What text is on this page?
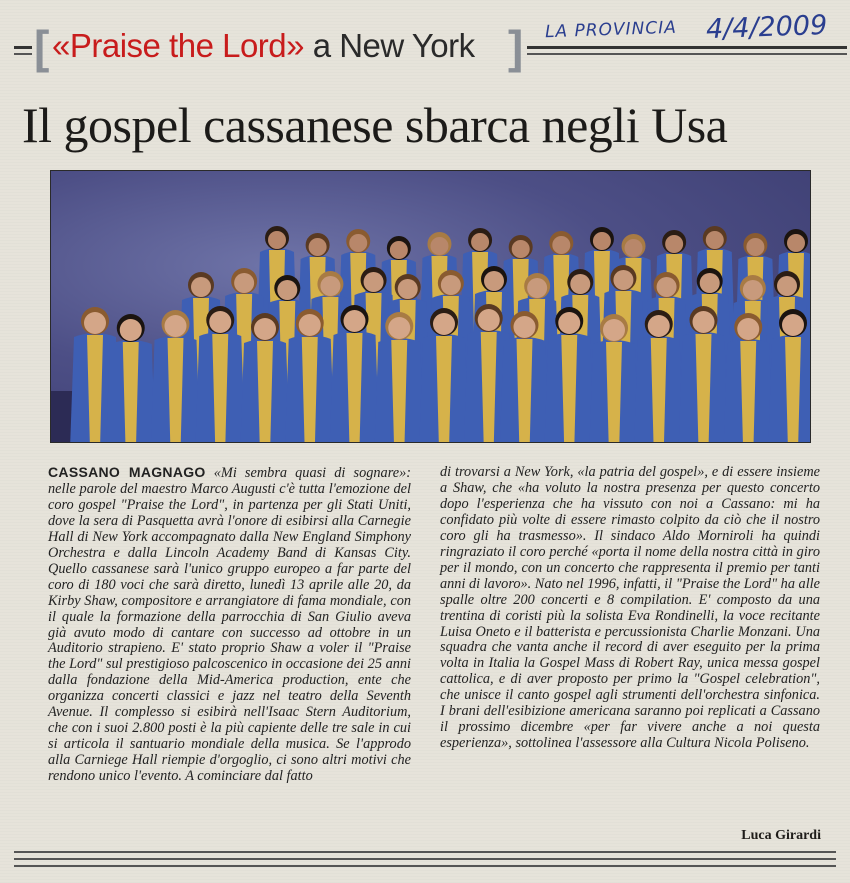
[ «Praise the Lord» a New York ] LA PROVINCIA 4/4/2009
Il gospel cassanese sbarca negli Usa

CASSANO MAGNAGO «Mi sembra quasi di sognare»: nelle parole del maestro Marco Augusti c'è tutta l'emozione del coro gospel "Praise the Lord", in partenza per gli Stati Uniti, dove la sera di Pasquetta avrà l'onore di esibirsi alla Carnegie Hall di New York accompagnato dalla New England Simphony Orchestra e dalla Lincoln Academy Band di Kansas City. Quello cassanese sarà l'unico gruppo europeo a far parte del coro di 180 voci che sarà diretto, lunedì 13 aprile alle 20, da Kirby Shaw, compositore e arrangiatore di fama mondiale, con il quale la formazione della parrocchia di San Giulio aveva già avuto modo di cantare con successo ad ottobre in un Auditorio strapieno. E' stato proprio Shaw a voler il "Praise the Lord" sul prestigioso palcoscenico in occasione dei 25 anni dalla fondazione della Mid-America production, ente che organizza concerti classici e jazz nel teatro della Seventh Avenue. Il complesso si esibirà nell'Isaac Stern Auditorium, che con i suoi 2.800 posti è la più capiente delle tre sale in cui si articola il santuario mondiale della musica. Se l'approdo alla Carniege Hall riempie d'orgoglio, ci sono altri motivi che rendono unico l'evento. A cominciare dal fatto

di trovarsi a New York, «la patria del gospel», e di essere insieme a Shaw, che «ha voluto la nostra presenza per questo concerto dopo l'esperienza che ha vissuto con noi a Cassano: mi ha confidato più volte di essere rimasto colpito da ciò che il nostro coro gli ha trasmesso». Il sindaco Aldo Morniroli ha quindi ringraziato il coro perché «porta il nome della nostra città in giro per il mondo, con un concerto che rappresenta il premio per tanti anni di lavoro». Nato nel 1996, infatti, il "Praise the Lord" ha alle spalle oltre 200 concerti e 8 compilation. E' composto da una trentina di coristi più la solista Eva Rondinelli, la voce recitante Luisa Oneto e il batterista e percussionista Charlie Monzani. Una squadra che vanta anche il record di aver eseguito per la prima volta in Italia la Gospel Mass di Robert Ray, unica messa gospel cattolica, e di aver proposto per primo la "Gospel celebration", che unisce il canto gospel agli strumenti dell'orchestra sinfonica. I brani dell'esibizione americana saranno poi replicati a Cassano il prossimo dicembre «per far vivere anche a noi questa esperienza», sottolinea l'assessore alla Cultura Nicola Poliseno.

Luca Girardi
